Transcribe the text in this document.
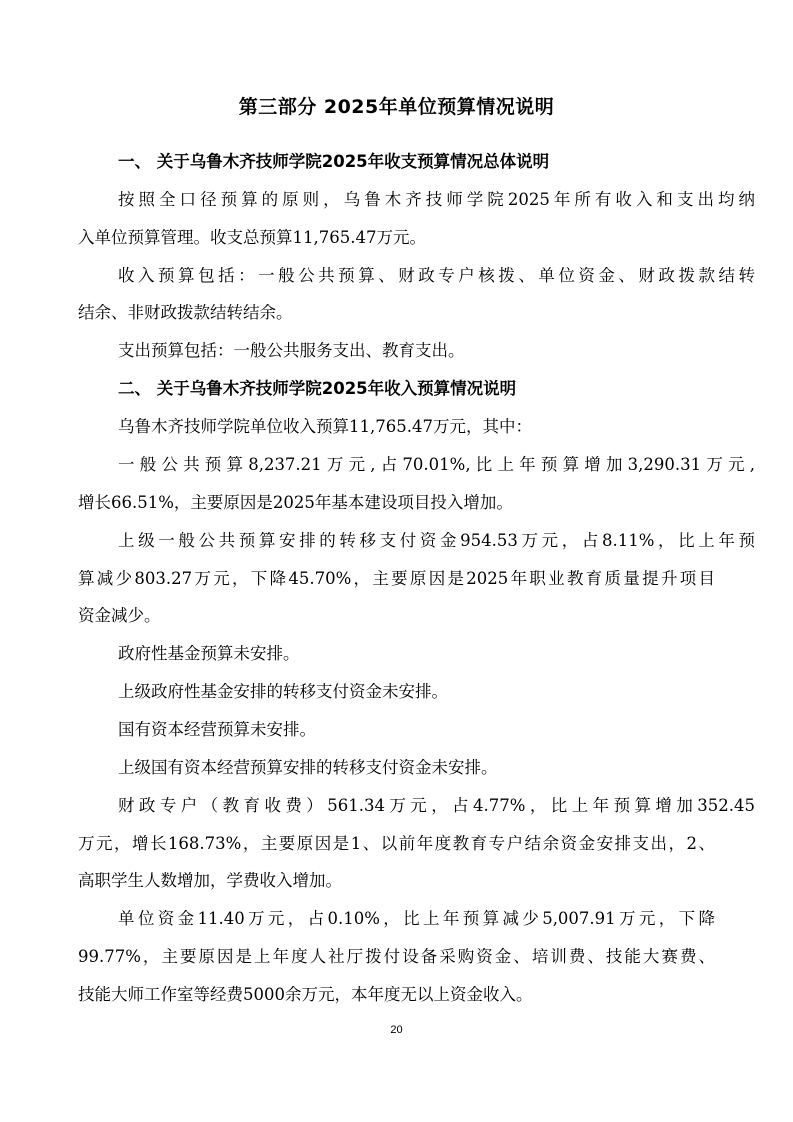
第三部分 2025年单位预算情况说明
一、 关于乌鲁木齐技师学院2025年收支预算情况总体说明
按照全口径预算的原则，乌鲁木齐技师学院2025年所有收入和支出均纳
入单位预算管理。收支总预算11,765.47万元。
收入预算包括：一般公共预算、财政专户核拨、单位资金、财政拨款结转
结余、非财政拨款结转结余。
支出预算包括：一般公共服务支出、教育支出。
二、 关于乌鲁木齐技师学院2025年收入预算情况说明
乌鲁木齐技师学院单位收入预算11,765.47万元，其中：
一般公共预算8,237.21万元,占70.01%,比上年预算增加3,290.31万元,
增长66.51%，主要原因是2025年基本建设项目投入增加。
上级一般公共预算安排的转移支付资金954.53万元，占8.11%，比上年预
算减少803.27万元，下降45.70%，主要原因是2025年职业教育质量提升项目
资金减少。
政府性基金预算未安排。
上级政府性基金安排的转移支付资金未安排。
国有资本经营预算未安排。
上级国有资本经营预算安排的转移支付资金未安排。
财政专户（教育收费）561.34万元，占4.77%，比上年预算增加352.45
万元，增长168.73%，主要原因是1、以前年度教育专户结余资金安排支出，2、
高职学生人数增加，学费收入增加。
单位资金11.40万元，占0.10%，比上年预算减少5,007.91万元，下降
99.77%，主要原因是上年度人社厅拨付设备采购资金、培训费、技能大赛费、
20
技能大师工作室等经费5000余万元，本年度无以上资金收入。
